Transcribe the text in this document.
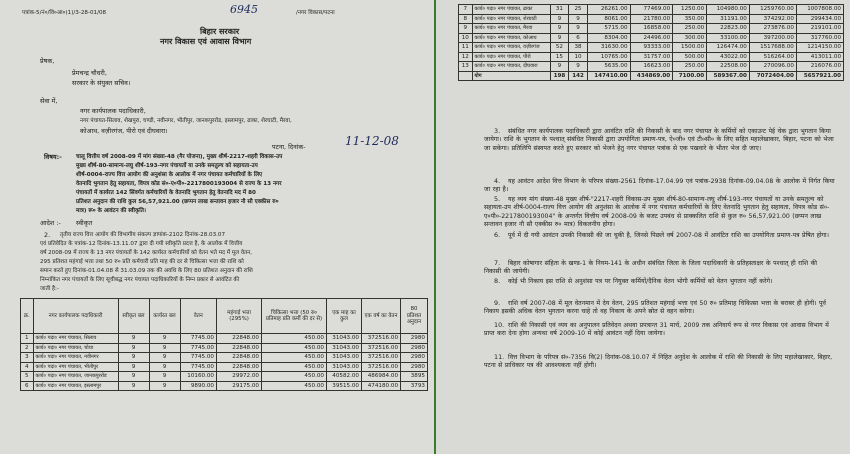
पत्रांक-5/नं०/वि०आ०(1)/3-28-01/08	6945	/नगर विकास/पटना
बिहार सरकार
नगर विकास एवं आवास विभाग
प्रेषक,
प्रेमचन्द्र चौधरी,
सरकार के संयुक्त सचिव।
सेवा में,
नगर कार्यपालक पदाधिकारी,
नगर पंचायत-सिलाव, शेखपुरा, चण्डी, नवीनगर, भीतीपुर, जानकपुररोड, इस्लामपुर, ढाका, शेरघाटी, मैरवा,
कोआथ, वज़ीरगंज, पीरो एवं दीघवारा।
पटना, दिनांक-	11-12-08
विषय:-	चालू वित्तीय वर्ष 2008-09 में मांग संख्या-48 (गैर योजना), मुख्य शीर्ष-2217-शहरी विकास-उप
मुख्य शीर्ष-80-सामान्य-लघु शीर्ष-193-नगर पंचायतों या उनके समतुल्य को सहायता-उप
शीर्ष-0004-राज्य वित्त आयोग की अनुशंसा के आलोक में नगर पंचायत कर्मचारियों के लिए
वेतनादि भुगतान हेतु सहायता, विपत्र कोड सं०-ए०पी०-2217800193004 से राज्य के 13 नगर
पंचायतों में कार्यरत 142 सिंवर्गत कर्मचारियों के वेतनादि भुगतान हेतु वेतनादि मद में 80
प्रतिशत अनुदान की राशि कुल 56,57,921.00 (छप्पन लाख सन्तावन हजार नौ सौ एक्कीस रु०
मात्र) रू० के आवंटन की स्वीकृति।
आदेश :- स्वीकृत
2. तृतीय राज्य वित्त आयोग की विभागीय संकल्प ज्ञापांक-2102 दिनांक-28.03.07
एवं प्रतिवेदित के पत्रांक-12 दिनांक-13.11.07 द्वारा दी गयी स्वीकृति प्रदत्त है, के आलोक में वित्तीय
वर्ष 2008-09 में राज्य के 13 नगर पंचायतों के 142 कार्यरत कर्मचारियों को वेतन भते मद में मूल वेतन,
295 प्रतिशत महंगाई भत्ता तथा 50 रु० प्रति कर्मचारी प्रति माह की दर से चिकित्सा भत्ता की राशि को
समान करते हुए दिनांक-01.04.08 से 31.03.09 तक की अवधि के लिए 80 प्रतिशत अनुदान की राशि
निम्नांकित नगर पंचायतों के लिए सूचीबद्ध नगर पंचायत पदाधिकारियों के निम्न प्रकार से आवंटित की
जाती है:-
क्र.	नगर कार्यपालक पदाधिकारी	स्वीकृत बल	कार्यरत बल	वेतन	महंगाई भत्ता (295%)	चिकित्सा भत्ता (50 रु० प्रतिमाह प्रति कर्मी की दर से)	एक माह का कुल	एक वर्ष का वेतन	80 प्रतिशत अनुदान
1	कार्य० पदा० नगर पंचायत, सिलाव	9	9	7745.00	22848.00	450.00	31043.00	372516.00	2980
2	कार्य० पदा० नगर पंचायत, चोथा	9	9	7745.00	22848.00	450.00	31043.00	372516.00	2980
3	कार्य० पदा० नगर पंचायत, नवीनगर	9	9	7745.00	22848.00	450.00	31043.00	372516.00	2980
4	कार्य० पदा० नगर पंचायत, भीतीपुर	9	9	7745.00	22848.00	450.00	31043.00	372516.00	2980
5	कार्य० पदा० नगर पंचायत, जानकपुररोड	9	9	10160.00	29972.00	450.00	40582.00	486984.00	3895
6	कार्य० पदा० नगर पंचायत, इस्लामपुर	9	9	9890.00	29175.00	450.00	39515.00	474180.00	3793
7	कार्य० पदा० नगर पंचायत, ढाका	31	25	26261.00	77469.00	1250.00	104980.00	1259760.00	1007808.00
8	कार्य० पदा० नगर पंचायत, शेरघाटी	9	9	8061.00	21780.00	350.00	31191.00	374292.00	299434.00
9	कार्य० पदा० नगर पंचायत, मैरवा	9	9	5715.00	16858.00	250.00	22823.00	273876.00	219101.00
10	कार्य० पदा० नगर पंचायत, कोआथ	9	6	8304.00	24496.00	300.00	33100.00	397200.00	317760.00
11	कार्य० पदा० नगर पंचायत, वज़ीरगंज	52	38	31630.00	93333.00	1500.00	126474.00	1517688.00	1214150.00
12	कार्य० पदा० नगर पंचायत, पीरो	15	10	10765.00	31757.00	500.00	43022.00	516264.00	413011.00
13	कार्य० पदा० नगर पंचायत, दीघवारा	9	9	5635.00	16623.00	250.00	22508.00	270096.00	216076.00
	योग	198	142	147410.00	434869.00	7100.00	589367.00	7072404.00	5657921.00
3.	संबंधित नगर कार्यपालक पदाधिकारी द्वारा आवंटित राशि की निकासी के बाद नगर पंचायत के कर्मियों को एकाउन्ट पेई चेक द्वारा भुगतान किया जायेगा। राशि के भुगतान के पश्चात् संबंधित निकासी द्वारा उपयोगिता प्रमाण-पत्र, ऐ०जी० एवं टी०सी० के लिए सहित महालेखाकार, बिहार, पटना को भेजा जा सकेगा। प्रतिलिपि संस्वपत करते हुए सरकार को भेजने हेतु नगर पंचायत पत्रांक से एक पखवारे के भीतर भेज दी जाए।
4.	यह आवंटन आदेश वित्त विभाग के परिपत्र संख्या-2561 दिनांक-17.04.99 एवं पत्रांक-2938 दिनांक-09.04.08 के आलोक में निर्गत किया जा रहा है।
5.	यह व्यय मांग संख्या-48 मुख्य शीर्ष-"2217-शहरी विकास-उप मुख्य शीर्ष-80-सामान्य-लघु शीर्ष-193-नगर पंचायतों या उनके समतुल्य को सहायता-उप शीर्ष-0004-राज्य वित्त आयोग की अनुशंसा के आलोक में नगर पंचायत कर्मचारियों के लिए वेतनादि भुगतान हेतु सहायता, विपत्र कोड सं०-ए०पी०-2217800193004" के अन्तर्गत वित्तीय वर्ष 2008-09 के बजट उपबंध से प्राक्कलित राशि से कुल रु० 56,57,921.00 (छप्पन लाख सन्तावन हजार नौ सौ एक्कीस रु० मात्र) विकलनीय होगा।
6.	पूर्व में दी गयी आवंटन उपकी निकासी की जा चुकी है, जिनसे पिछले वर्ष 2007-08 में आवंटित राशि का उपयोगिता प्रमाण-पत्र प्रेषित होगा।
7.	बिहार कोषागार संहिता के खण्ड-1 के नियम-141 के अधीन संबंधित जिला के जिला पदाधिकारी के प्रतिहस्ताक्षर के पश्चात् ही राशि की निकासी की जायेगी।
8.	कोई भी निकाय इस राशि से अनुशंसा पत्र पर नियुक्त कर्मियों/दैनिक वेतन भोगी कर्मियों को वेतन भुगतान नहीं करेगे।
9.	राशि वर्ष 2007-08 में मूल वेतनमान में देय वेतन, 295 प्रतिशत महंगाई भत्ता एवं 50 रु० प्रतिमाह चिकित्सा भत्ता के बराबर ही होगी। पूर्व निकाय इसकी अधिक वेतन भुगतान करना चाहे तो वह निकाय के अपने स्रोत से वहन करेगा।
10. राशि की निकासी एवं व्यय का अनुपालन प्रतिवेदन अथवा प्रपत्रान्त 31 मार्च, 2009 तक अनिवार्य रूप से नगर विकास एवं आवास विभाग में प्राप्त करा देना होगा अन्यथा वर्ष 2009-10 में कोई आवंटन नहीं दिया जायेगा।
11. वित्त विभाग के परिपत्र सं०-7356 वि(2) दिनांक-08.10.07 में निहित अनुदेश के आलोक में राशि की निकासी के लिए महालेखाकार, बिहार, पटना से प्राधिकार पत्र की आवश्यकता नहीं होगी।
